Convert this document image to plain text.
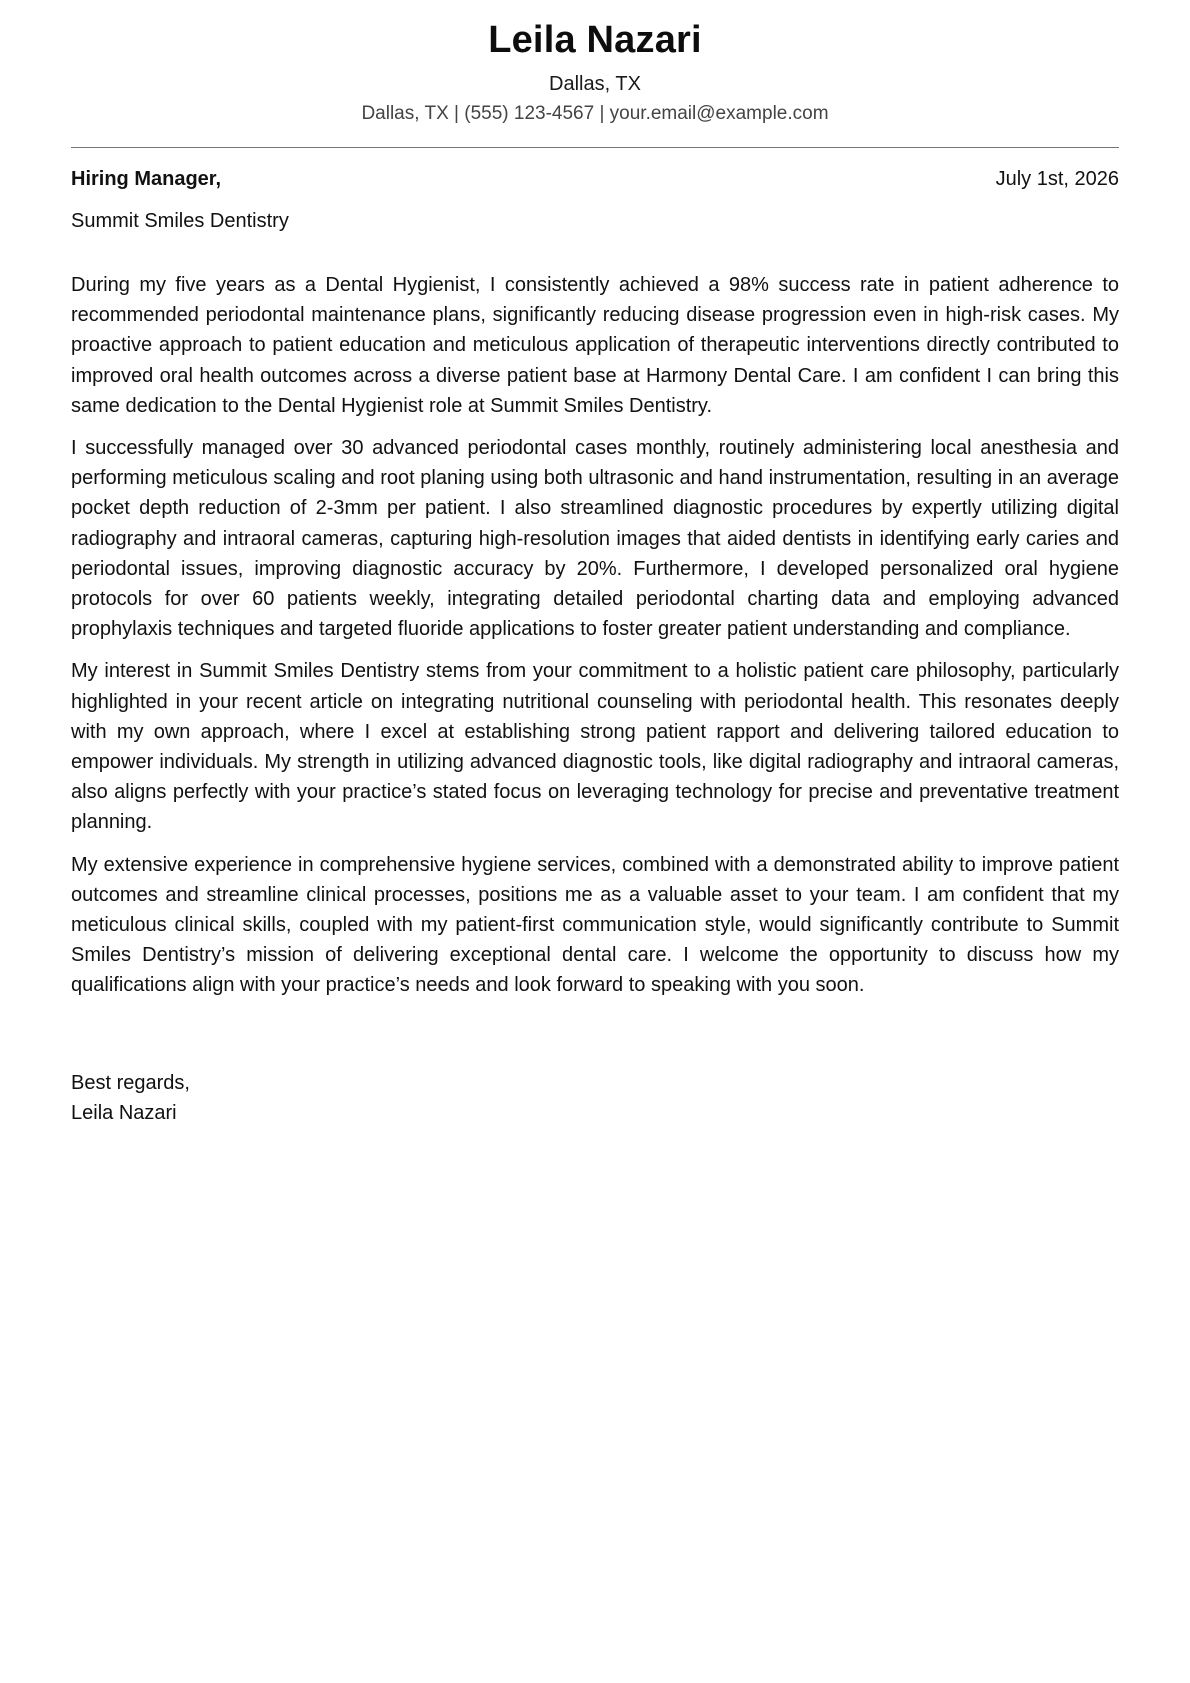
Leila Nazari
Dallas, TX
Dallas, TX | (555) 123-4567 | your.email@example.com
Hiring Manager,	July 1st, 2026
Summit Smiles Dentistry

During my five years as a Dental Hygienist, I consistently achieved a 98% success rate in patient adherence to recommended periodontal maintenance plans, significantly reducing disease progression even in high-risk cases. My proactive approach to patient education and meticulous application of therapeutic interventions directly contributed to improved oral health outcomes across a diverse patient base at Harmony Dental Care. I am confident I can bring this same dedication to the Dental Hygienist role at Summit Smiles Dentistry.

I successfully managed over 30 advanced periodontal cases monthly, routinely administering local anesthesia and performing meticulous scaling and root planing using both ultrasonic and hand instrumentation, resulting in an average pocket depth reduction of 2-3mm per patient. I also streamlined diagnostic procedures by expertly utilizing digital radiography and intraoral cameras, capturing high-resolution images that aided dentists in identifying early caries and periodontal issues, improving diagnostic accuracy by 20%. Furthermore, I developed personalized oral hygiene protocols for over 60 patients weekly, integrating detailed periodontal charting data and employing advanced prophylaxis techniques and targeted fluoride applications to foster greater patient understanding and compliance.

My interest in Summit Smiles Dentistry stems from your commitment to a holistic patient care philosophy, particularly highlighted in your recent article on integrating nutritional counseling with periodontal health. This resonates deeply with my own approach, where I excel at establishing strong patient rapport and delivering tailored education to empower individuals. My strength in utilizing advanced diagnostic tools, like digital radiography and intraoral cameras, also aligns perfectly with your practice’s stated focus on leveraging technology for precise and preventative treatment planning.

My extensive experience in comprehensive hygiene services, combined with a demonstrated ability to improve patient outcomes and streamline clinical processes, positions me as a valuable asset to your team. I am confident that my meticulous clinical skills, coupled with my patient-first communication style, would significantly contribute to Summit Smiles Dentistry’s mission of delivering exceptional dental care. I welcome the opportunity to discuss how my qualifications align with your practice’s needs and look forward to speaking with you soon.

Best regards,
Leila Nazari
